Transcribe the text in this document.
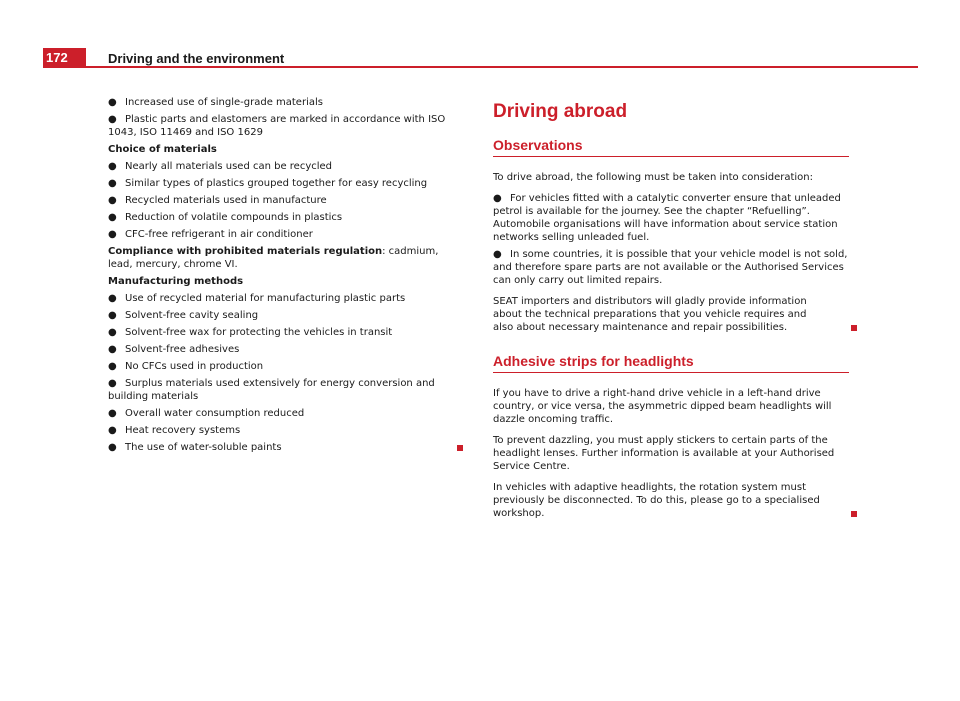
172	Driving and the environment
● Increased use of single-grade materials
● Plastic parts and elastomers are marked in accordance with ISO 1043, ISO 11469 and ISO 1629
Choice of materials
● Nearly all materials used can be recycled
● Similar types of plastics grouped together for easy recycling
● Recycled materials used in manufacture
● Reduction of volatile compounds in plastics
● CFC-free refrigerant in air conditioner
Compliance with prohibited materials regulation: cadmium, lead, mercury, chrome VI.
Manufacturing methods
● Use of recycled material for manufacturing plastic parts
● Solvent-free cavity sealing
● Solvent-free wax for protecting the vehicles in transit
● Solvent-free adhesives
● No CFCs used in production
● Surplus materials used extensively for energy conversion and building materials
● Overall water consumption reduced
● Heat recovery systems
● The use of water-soluble paints
Driving abroad
Observations
To drive abroad, the following must be taken into consideration:
● For vehicles fitted with a catalytic converter ensure that unleaded petrol is available for the journey. See the chapter “Refuelling”. Automobile organisations will have information about service station networks selling unleaded fuel.
● In some countries, it is possible that your vehicle model is not sold, and therefore spare parts are not available or the Authorised Services can only carry out limited repairs.
SEAT importers and distributors will gladly provide information about the technical preparations that you vehicle requires and also about necessary maintenance and repair possibilities.
Adhesive strips for headlights
If you have to drive a right-hand drive vehicle in a left-hand drive country, or vice versa, the asymmetric dipped beam headlights will dazzle oncoming traffic.
To prevent dazzling, you must apply stickers to certain parts of the headlight lenses. Further information is available at your Authorised Service Centre.
In vehicles with adaptive headlights, the rotation system must previously be disconnected. To do this, please go to a specialised workshop.
